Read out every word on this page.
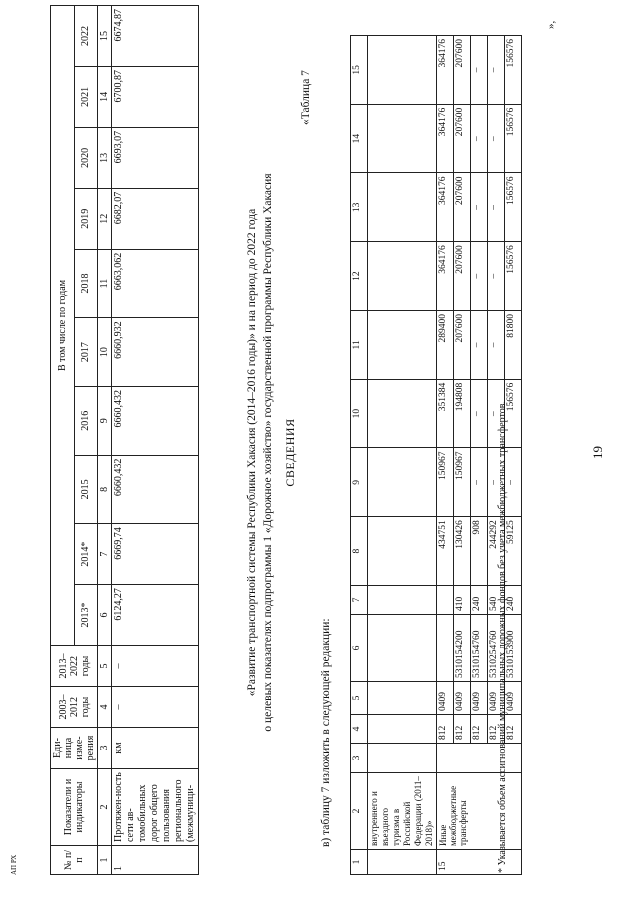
1	2	3	4	5	6	7	8	9	10	11	12	13	14	15
	внутреннего и въездного туризма в Российской Федерации (2011–2018)»													
15	Иные межбюджетные трансферты		812	0409			434751	150967	351384	289400	364176	364176	364176	364176
			812	0409	5310154200	410	130426	150967	194808	207600	207600	207600	207600	207600
			812	0409	5310154760	240	908	–	–	–	–	–	–	–
			812	0409	5310254760	540	244292	–	–	–	–	–	–	–
			812	0409	5310153900	240	59125	–	156576	81800	156576	156576	156576	156576
* Указывается объем ассигнований муниципальных дорожных фондов без учета межбюджетных трансфертов.
»,
19
«Таблица 7
в) таблицу 7 изложить в следующей редакции:
СВЕДЕНИЯ
о целевых показателях подпрограммы 1 «Дорожное хозяйство» государственной программы Республики Хакасия
«Развитие транспортной системы Республики Хакасия (2014–2016 годы)» и на период до 2022 года
№ п/п	Показатели и индикаторы	Еди-ница изме-рения	2003–2012 годы	2013–2022 годы	В том числе по годам									
					2013*	2014*	2015	2016	2017	2018	2019	2020	2021	2022
1	2	3	4	5	6	7	8	9	10	11	12	13	14	15
1	Протяжен-ность сети ав-томобильных дорог общего пользования регионального (межмуници-	км	–	–	6124,27	6669,74	6660,432	6660,432	6660,932	6663,062	6682,07	6693,07	6700,87	6674,87
АП РХ
